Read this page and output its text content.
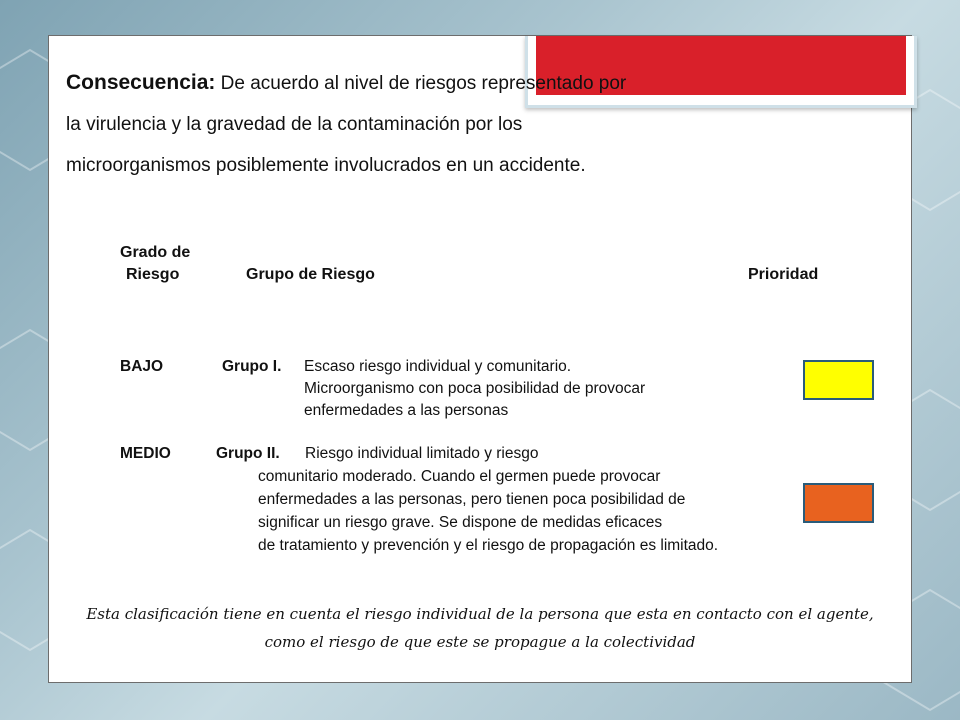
Consecuencia: De acuerdo al nivel de riesgos representado por
la virulencia y la gravedad de la contaminación por los
microorganismos posiblemente involucrados en un accidente.
Grado de
Riesgo	Grupo de Riesgo	Prioridad
BAJO	Grupo I. Escaso riesgo individual y comunitario.
Microorganismo con poca posibilidad de provocar
enfermedades a las personas
MEDIO	Grupo II. Riesgo individual limitado y riesgo
comunitario moderado. Cuando el germen puede provocar
enfermedades a las personas, pero tienen poca posibilidad de
significar un riesgo grave. Se dispone de medidas eficaces
de tratamiento y prevención y el riesgo de propagación es limitado.
Esta clasificación tiene en cuenta el riesgo individual de la persona que esta en contacto con el agente,
como el riesgo de que este se propague a la colectividad
